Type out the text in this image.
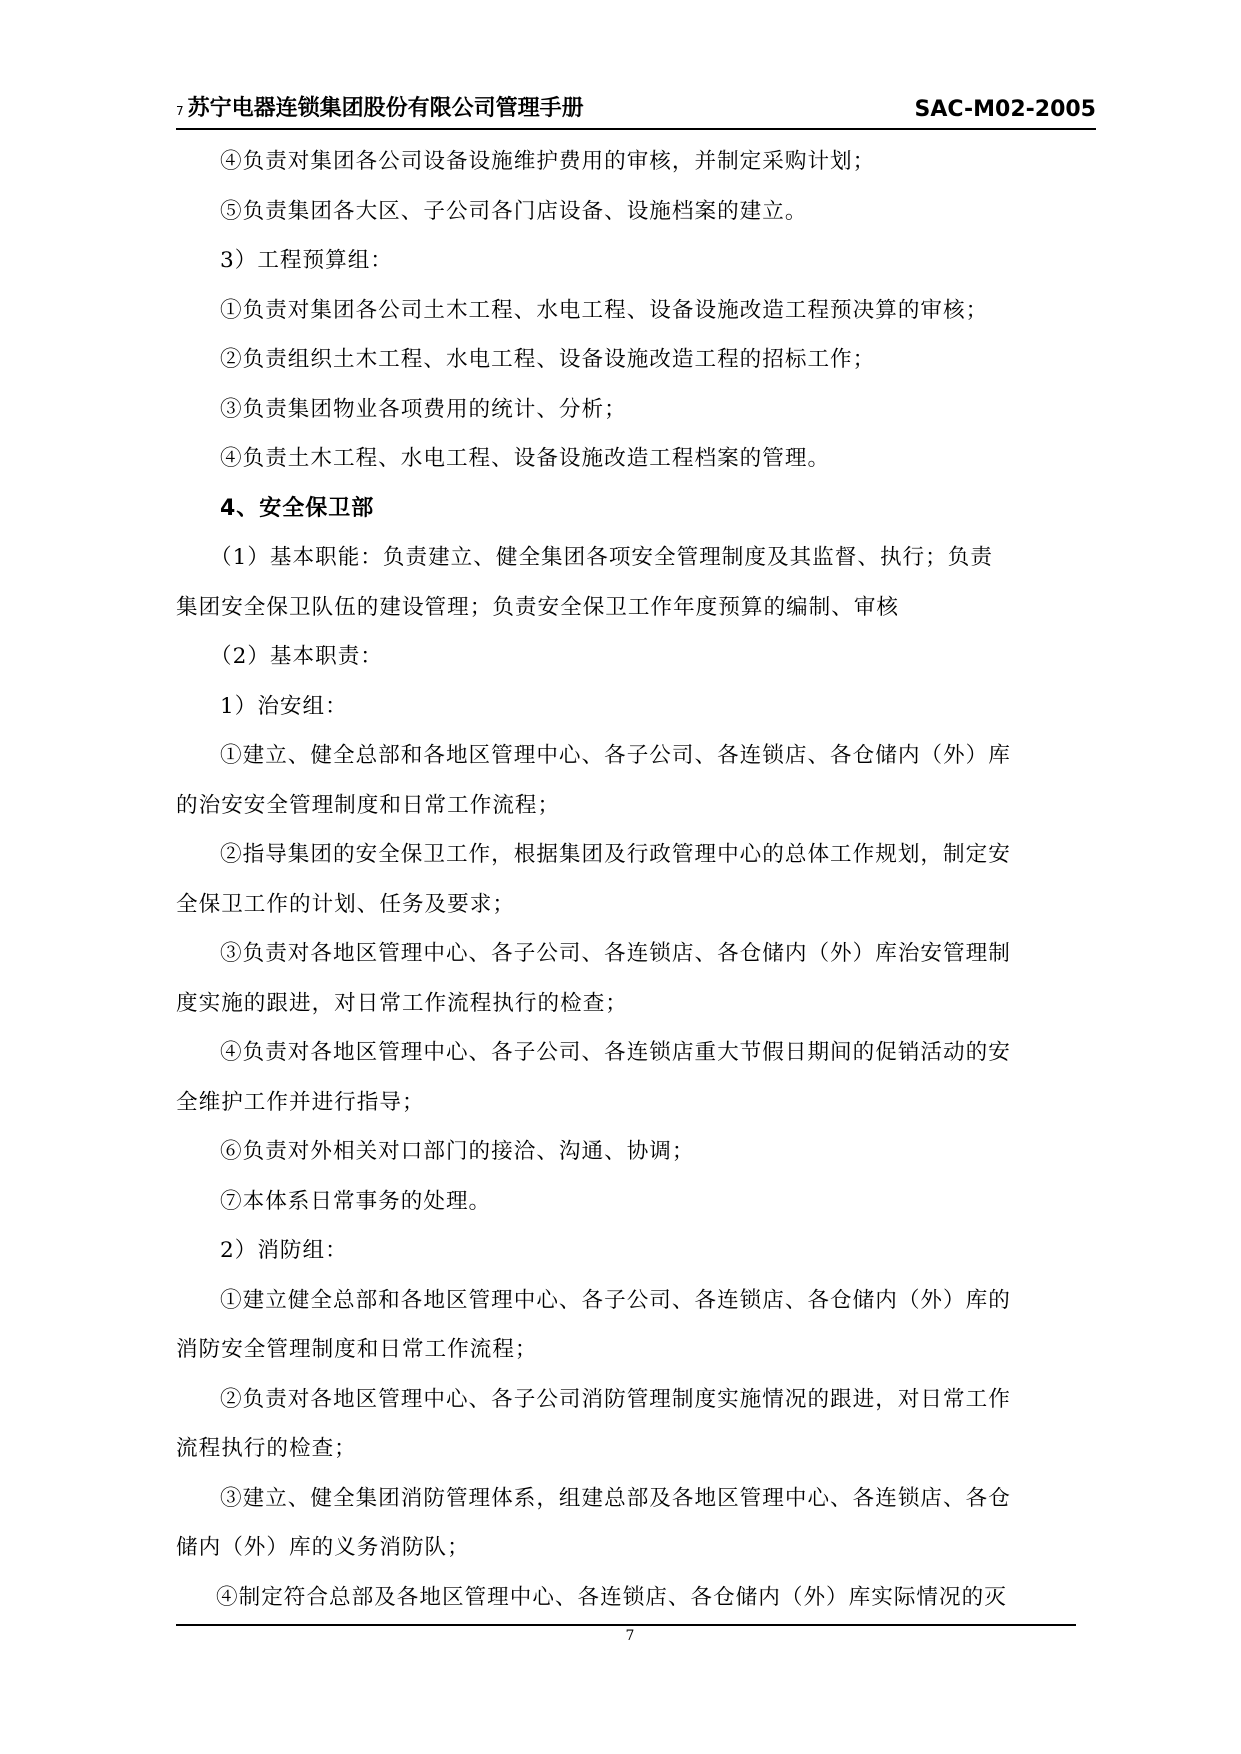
7 苏宁电器连锁集团股份有限公司管理手册	SAC-M02-2005
④负责对集团各公司设备设施维护费用的审核，并制定采购计划；
⑤负责集团各大区、子公司各门店设备、设施档案的建立。
3）工程预算组：
①负责对集团各公司土木工程、水电工程、设备设施改造工程预决算的审核；
②负责组织土木工程、水电工程、设备设施改造工程的招标工作；
③负责集团物业各项费用的统计、分析；
④负责土木工程、水电工程、设备设施改造工程档案的管理。
4、安全保卫部
（1）基本职能：负责建立、健全集团各项安全管理制度及其监督、执行；负责
集团安全保卫队伍的建设管理；负责安全保卫工作年度预算的编制、审核
（2）基本职责：
1）治安组：
①建立、健全总部和各地区管理中心、各子公司、各连锁店、各仓储内（外）库
的治安安全管理制度和日常工作流程；
②指导集团的安全保卫工作，根据集团及行政管理中心的总体工作规划，制定安
全保卫工作的计划、任务及要求；
③负责对各地区管理中心、各子公司、各连锁店、各仓储内（外）库治安管理制
度实施的跟进，对日常工作流程执行的检查；
④负责对各地区管理中心、各子公司、各连锁店重大节假日期间的促销活动的安
全维护工作并进行指导；
⑥负责对外相关对口部门的接洽、沟通、协调；
⑦本体系日常事务的处理。
2）消防组：
①建立健全总部和各地区管理中心、各子公司、各连锁店、各仓储内（外）库的
消防安全管理制度和日常工作流程；
②负责对各地区管理中心、各子公司消防管理制度实施情况的跟进，对日常工作
流程执行的检查；
③建立、健全集团消防管理体系，组建总部及各地区管理中心、各连锁店、各仓
储内（外）库的义务消防队；
④制定符合总部及各地区管理中心、各连锁店、各仓储内（外）库实际情况的灭
7
